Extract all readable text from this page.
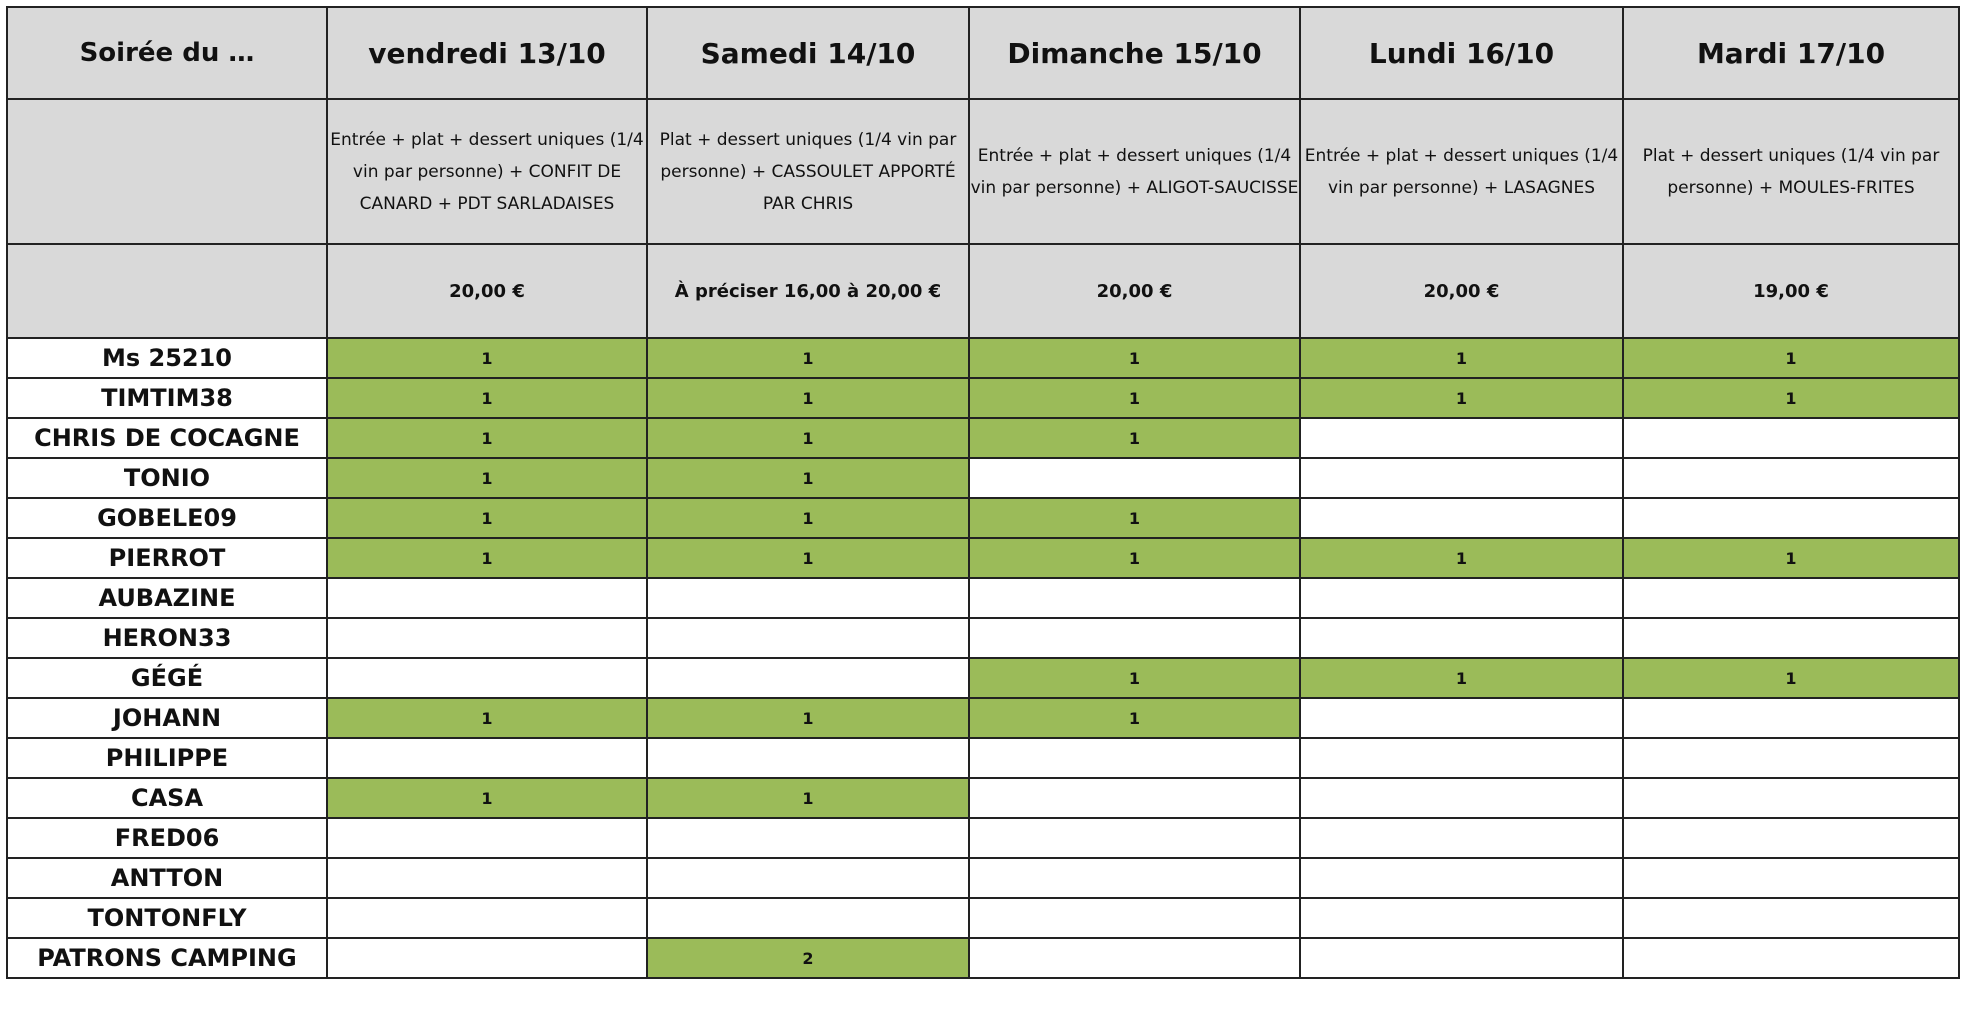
Soirée du …	vendredi 13/10	Samedi 14/10	Dimanche 15/10	Lundi 16/10	Mardi 17/10
	Entrée + plat + dessert uniques (1/4 vin par personne) + CONFIT DE CANARD + PDT SARLADAISES	Plat + dessert uniques (1/4 vin par personne) + CASSOULET APPORTÉ PAR CHRIS	Entrée + plat + dessert uniques (1/4 vin par personne) + ALIGOT-SAUCISSE	Entrée + plat + dessert uniques (1/4 vin par personne) + LASAGNES	Plat + dessert uniques (1/4 vin par personne) + MOULES-FRITES
	20,00 €	À préciser 16,00 à 20,00 €	20,00 €	20,00 €	19,00 €
Ms 25210	1	1	1	1	1
TIMTIM38	1	1	1	1	1
CHRIS DE COCAGNE	1	1	1		
TONIO	1	1			
GOBELE09	1	1	1		
PIERROT	1	1	1	1	1
AUBAZINE					
HERON33					
GÉGÉ			1	1	1
JOHANN	1	1	1		
PHILIPPE					
CASA	1	1			
FRED06					
ANTTON					
TONTONFLY					
PATRONS CAMPING		2			
